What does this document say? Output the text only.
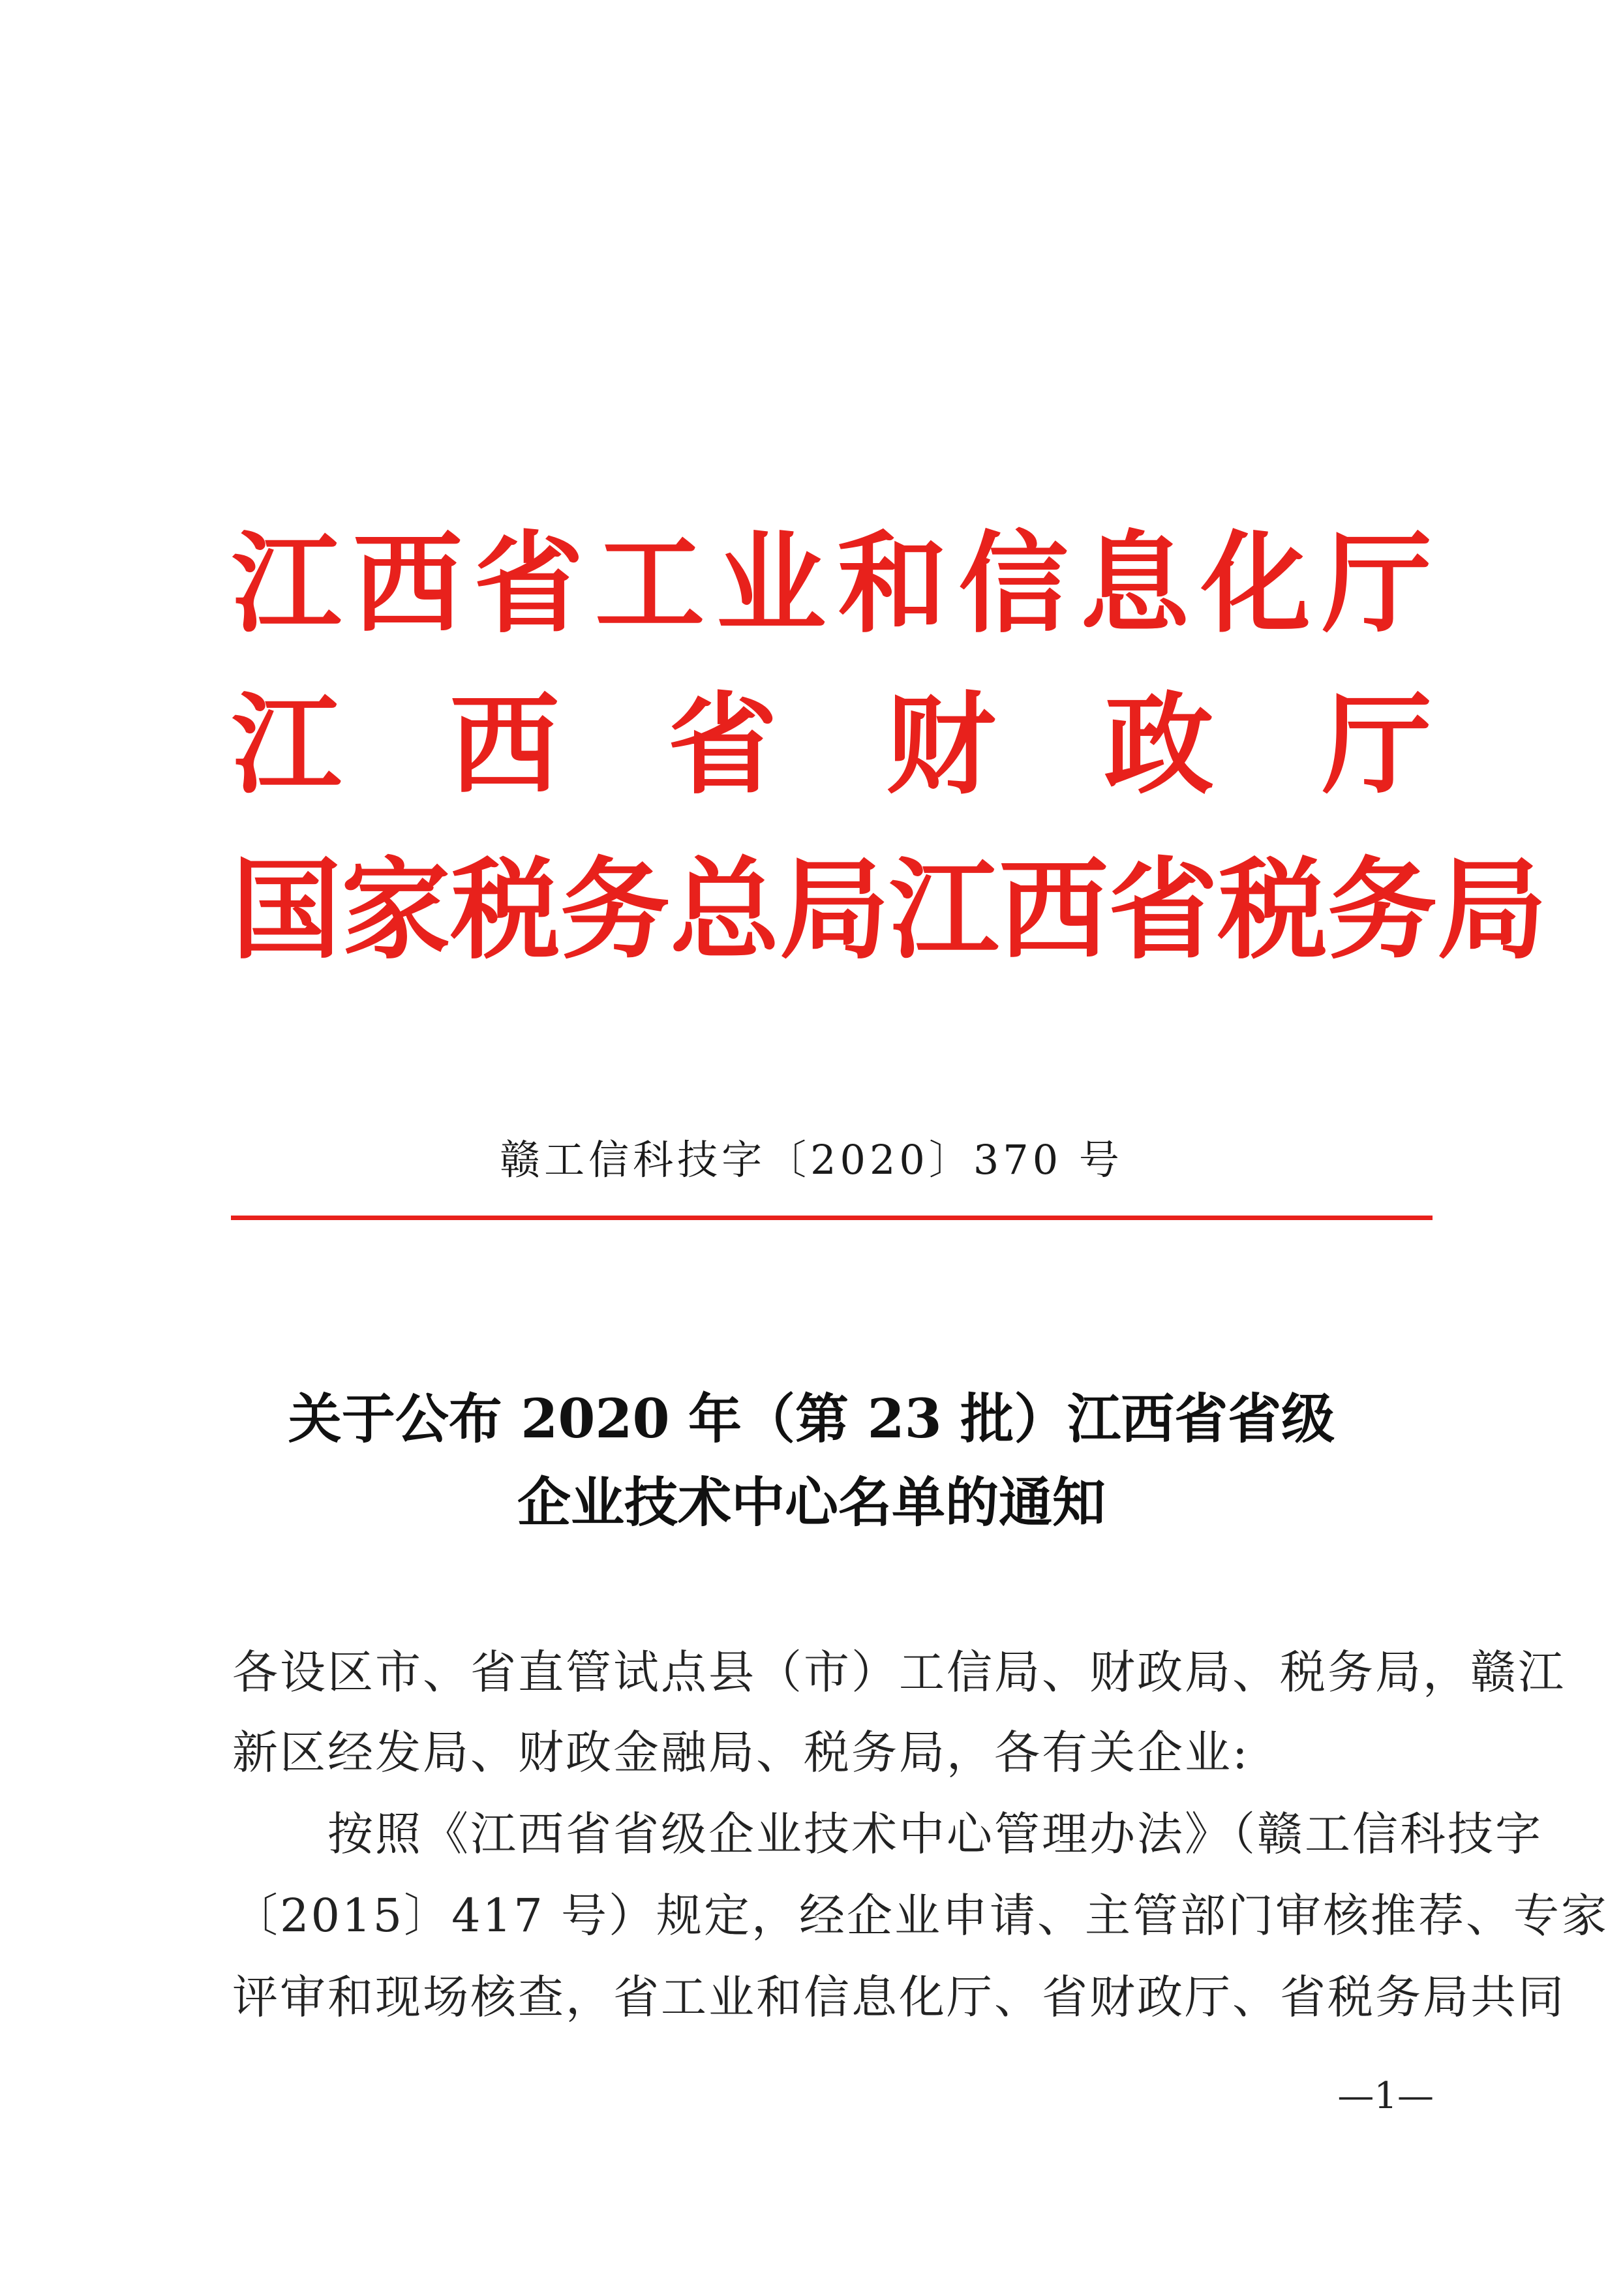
江 西 省 工 业 和 信 息 化 厅
江 西 省 财 政 厅
国 家 税 务 总 局 江 西 省 税 务 局
赣工信科技字〔2020〕370 号
关于公布 2020 年（第 23 批）江西省省级
企业技术中心名单的通知
各设区市、省直管试点县（市）工信局、财政局、税务局，赣江
新区经发局、财政金融局、税务局，各有关企业:
　　按照《江西省省级企业技术中心管理办法》（赣工信科技字
〔2015〕417 号）规定，经企业申请、主管部门审核推荐、专家
评审和现场核查，省工业和信息化厅、省财政厅、省税务局共同
—1—
